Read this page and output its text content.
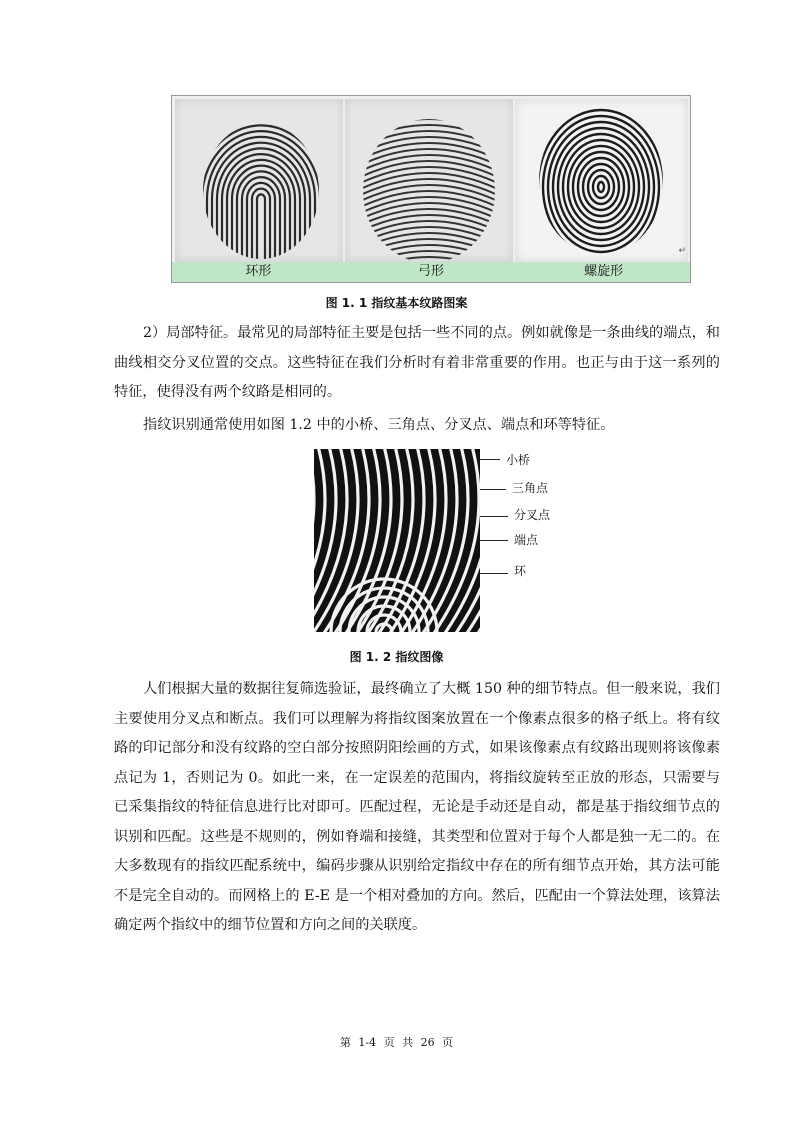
↵
环形	弓形	螺旋形
图 1. 1 指纹基本纹路图案
2）局部特征。最常见的局部特征主要是包括一些不同的点。例如就像是一条曲线的端点，和曲线相交分叉位置的交点。这些特征在我们分析时有着非常重要的作用。也正与由于这一系列的特征，使得没有两个纹路是相同的。
指纹识别通常使用如图 1.2 中的小桥、三角点、分叉点、端点和环等特征。
小桥
三角点
分叉点
端点
环
图 1. 2 指纹图像
人们根据大量的数据往复筛选验证，最终确立了大概 150 种的细节特点。但一般来说，我们主要使用分叉点和断点。我们可以理解为将指纹图案放置在一个像素点很多的格子纸上。将有纹路的印记部分和没有纹路的空白部分按照阴阳绘画的方式，如果该像素点有纹路出现则将该像素点记为 1，否则记为 0。如此一来，在一定误差的范围内，将指纹旋转至正放的形态，只需要与已采集指纹的特征信息进行比对即可。匹配过程，无论是手动还是自动，都是基于指纹细节点的识别和匹配。这些是不规则的，例如脊端和接缝，其类型和位置对于每个人都是独一无二的。在大多数现有的指纹匹配系统中，编码步骤从识别给定指纹中存在的所有细节点开始，其方法可能不是完全自动的。而网格上的 E-E 是一个相对叠加的方向。然后，匹配由一个算法处理，该算法确定两个指纹中的细节位置和方向之间的关联度。
第 1-4 页 共 26 页
